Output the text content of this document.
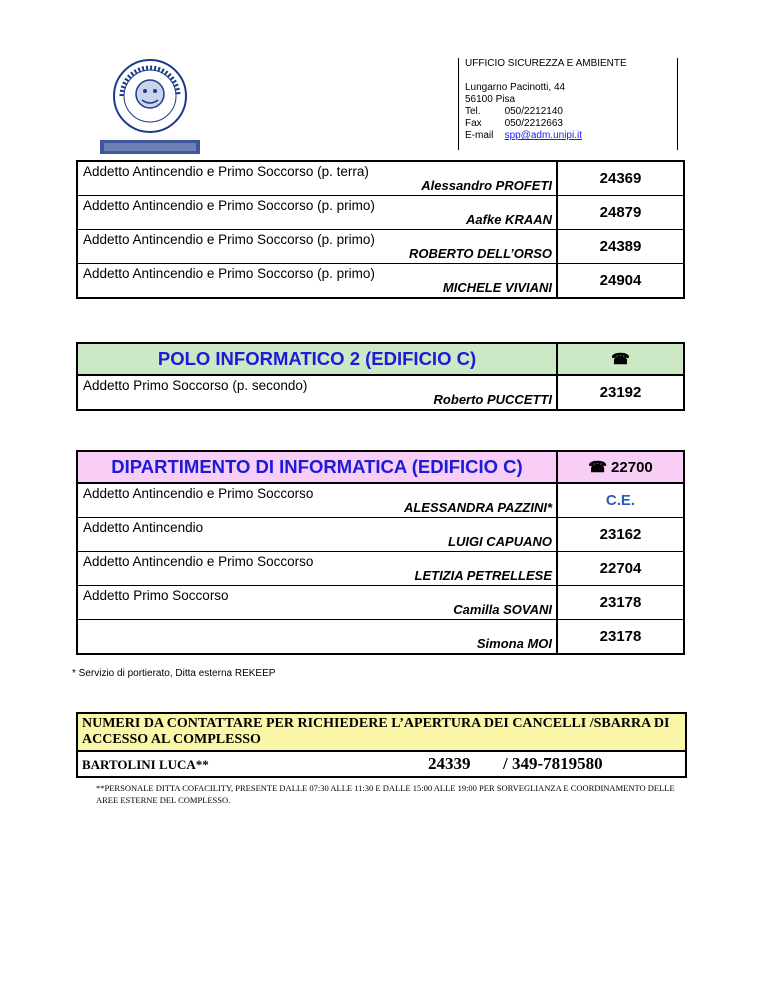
UFFICIO SICUREZZA E AMBIENTE
Lungarno Pacinotti, 44
56100 Pisa
Tel. 050/2212140
Fax 050/2212663
E-mail spp@adm.unipi.it
Addetto Antincendio e Primo Soccorso (p. terra)
Alessandro PROFETI	24369

Addetto Antincendio e Primo Soccorso (p. primo)
Aafke KRAAN	24879

Addetto Antincendio e Primo Soccorso (p. primo)
ROBERTO DELL’ORSO	24389

Addetto Antincendio e Primo Soccorso (p. primo)
MICHELE VIVIANI	24904
POLO INFORMATICO 2 (EDIFICIO C)	☎

Addetto Primo Soccorso (p. secondo)
Roberto PUCCETTI	23192
DIPARTIMENTO DI INFORMATICA (EDIFICIO C)	☎ 22700

Addetto Antincendio e Primo Soccorso
ALESSANDRA PAZZINI*	C.E.

Addetto Antincendio
LUIGI CAPUANO	23162

Addetto Antincendio e Primo Soccorso
LETIZIA PETRELLESE	22704

Addetto Primo Soccorso
Camilla SOVANI	23178

Simona MOI	23178
* Servizio di portierato, Ditta esterna REKEEP
NUMERI DA CONTATTARE PER RICHIEDERE L’APERTURA DEI CANCELLI /SBARRA DI ACCESSO AL COMPLESSO
BARTOLINI LUCA**	24339 / 349-7819580
**PERSONALE DITTA COFACILITY, PRESENTE DALLE 07:30 ALLE 11:30 E DALLE 15:00 ALLE 19:00 PER SORVEGLIANZA E COORDINAMENTO DELLE AREE ESTERNE DEL COMPLESSO.
